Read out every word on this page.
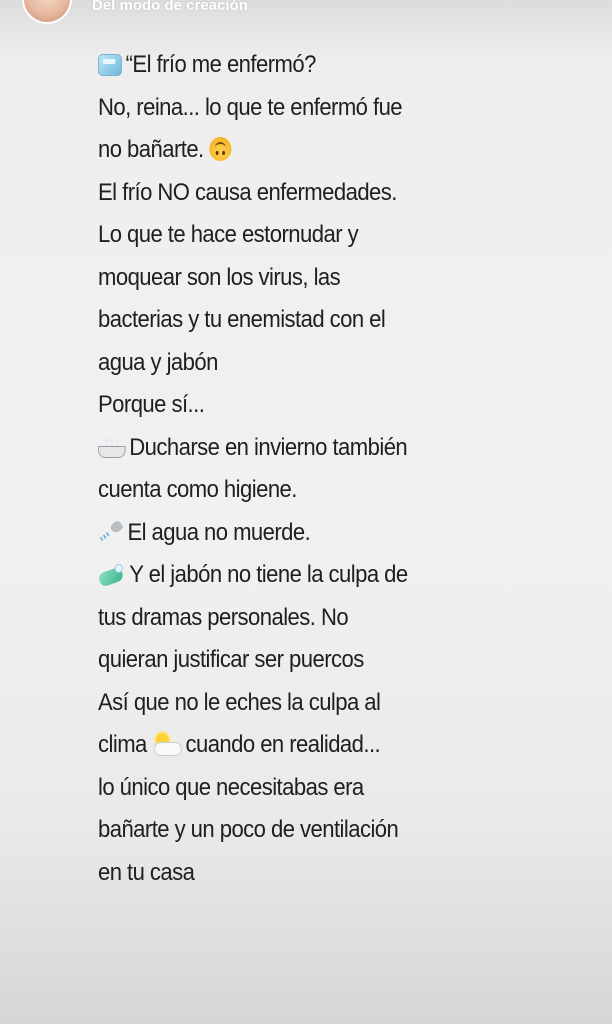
Del modo de creación
“El frío me enfermó?
No, reina... lo que te enfermó fue
no bañarte.
El frío NO causa enfermedades.
Lo que te hace estornudar y
moquear son los virus, las
bacterias y tu enemistad con el
agua y jabón
Porque sí...
Ducharse en invierno también
cuenta como higiene.
El agua no muerde.
Y el jabón no tiene la culpa de
tus dramas personales. No
quieran justificar ser puercos
Así que no le eches la culpa al
clima cuando en realidad...
lo único que necesitabas era
bañarte y un poco de ventilación
en tu casa
